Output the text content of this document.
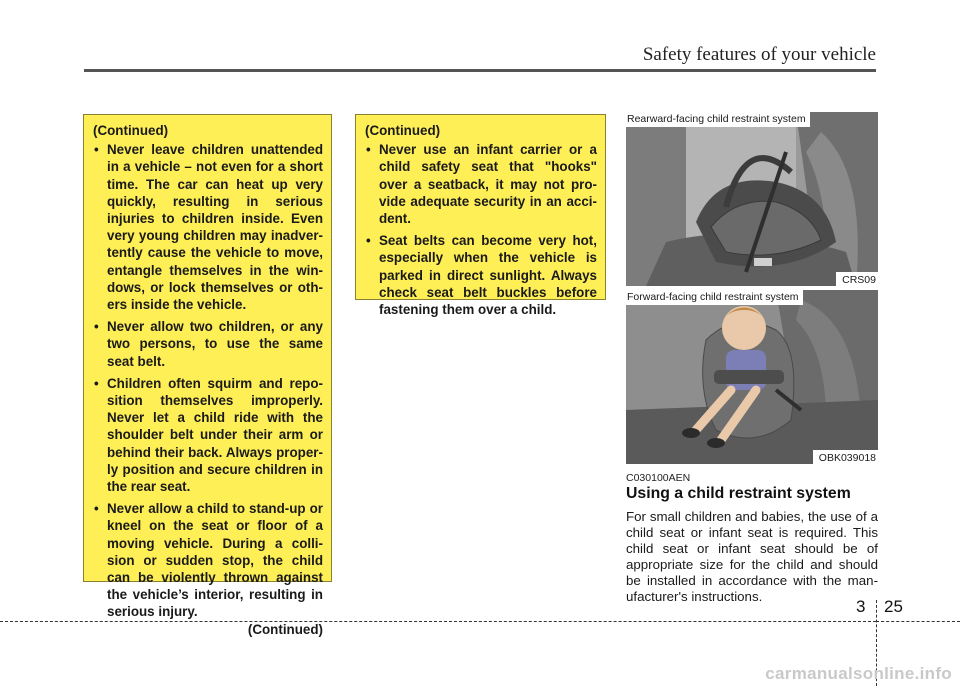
Safety features of your vehicle
(Continued)
• Never leave children unattended in a vehicle – not even for a short time. The car can heat up very quickly, resulting in serious injuries to children inside. Even very young children may inadvertently cause the vehicle to move, entangle themselves in the windows, or lock themselves or others inside the vehicle.
• Never allow two children, or any two persons, to use the same seat belt.
• Children often squirm and reposition themselves improperly. Never let a child ride with the shoulder belt under their arm or behind their back. Always properly position and secure children in the rear seat.
• Never allow a child to stand-up or kneel on the seat or floor of a moving vehicle. During a collision or sudden stop, the child can be violently thrown against the vehicle’s interior, resulting in serious injury.
(Continued)
(Continued)
• Never use an infant carrier or a child safety seat that "hooks" over a seatback, it may not provide adequate security in an accident.
• Seat belts can become very hot, especially when the vehicle is parked in direct sunlight. Always check seat belt buckles before fastening them over a child.
Rearward-facing child restraint system
CRS09
Forward-facing child restraint system
OBK039018
C030100AEN
Using a child restraint system
For small children and babies, the use of a child seat or infant seat is required. This child seat or infant seat should be of appropriate size for the child and should be installed in accordance with the manufacturer's instructions.
3 25
carmanualsonline.info
